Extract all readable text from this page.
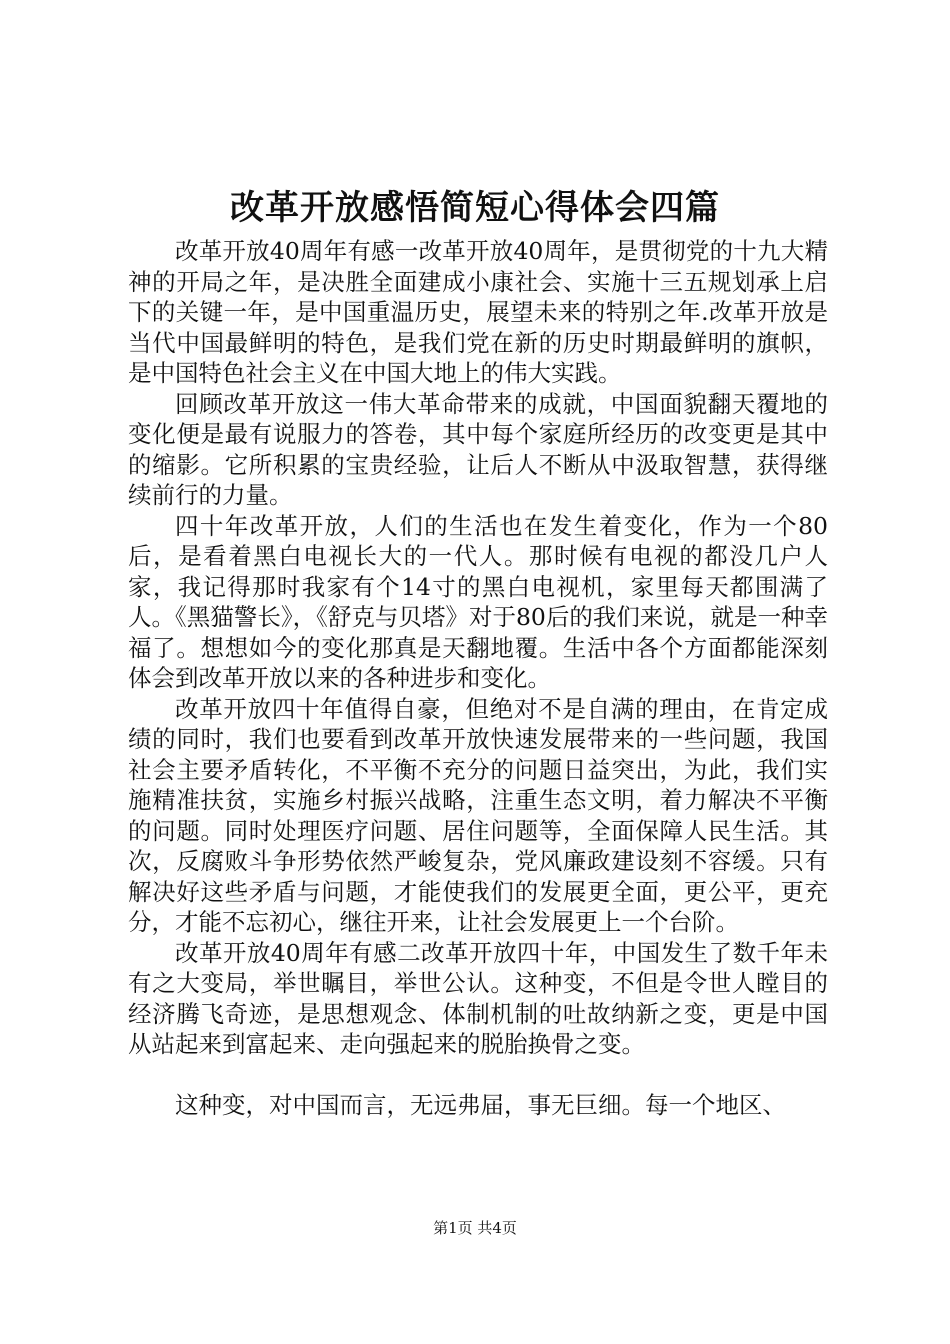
改革开放感悟简短心得体会四篇

改革开放40周年有感一改革开放40周年，是贯彻党的十九大精神的开局之年，是决胜全面建成小康社会、实施十三五规划承上启下的关键一年，是中国重温历史，展望未来的特别之年.改革开放是当代中国最鲜明的特色，是我们党在新的历史时期最鲜明的旗帜，是中国特色社会主义在中国大地上的伟大实践。

回顾改革开放这一伟大革命带来的成就，中国面貌翻天覆地的变化便是最有说服力的答卷，其中每个家庭所经历的改变更是其中的缩影。它所积累的宝贵经验，让后人不断从中汲取智慧，获得继续前行的力量。

四十年改革开放，人们的生活也在发生着变化，作为一个80后，是看着黑白电视长大的一代人。那时候有电视的都没几户人家，我记得那时我家有个14寸的黑白电视机，家里每天都围满了人。《黑猫警长》，《舒克与贝塔》对于80后的我们来说，就是一种幸福了。想想如今的变化那真是天翻地覆。生活中各个方面都能深刻体会到改革开放以来的各种进步和变化。

改革开放四十年值得自豪，但绝对不是自满的理由，在肯定成绩的同时，我们也要看到改革开放快速发展带来的一些问题，我国社会主要矛盾转化，不平衡不充分的问题日益突出，为此，我们实施精准扶贫，实施乡村振兴战略，注重生态文明，着力解决不平衡的问题。同时处理医疗问题、居住问题等，全面保障人民生活。其次，反腐败斗争形势依然严峻复杂，党风廉政建设刻不容缓。只有解决好这些矛盾与问题，才能使我们的发展更全面，更公平，更充分，才能不忘初心，继往开来，让社会发展更上一个台阶。

改革开放40周年有感二改革开放四十年，中国发生了数千年未有之大变局，举世瞩目，举世公认。这种变，不但是令世人瞠目的经济腾飞奇迹，是思想观念、体制机制的吐故纳新之变，更是中国从站起来到富起来、走向强起来的脱胎换骨之变。

这种变，对中国而言，无远弗届，事无巨细。每一个地区、

第1页 共4页
